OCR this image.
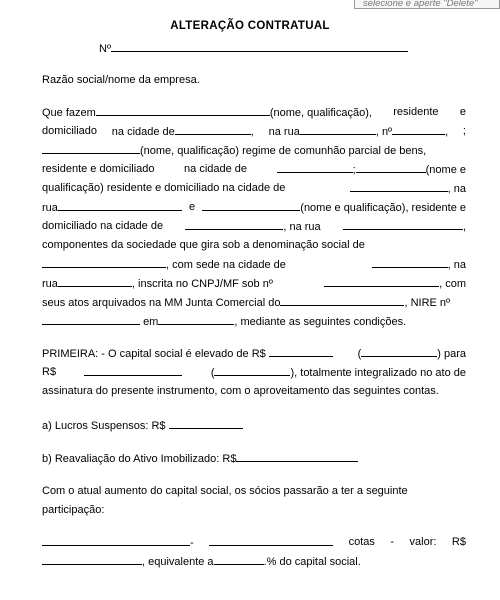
selecione e aperte "Delete"
ALTERAÇÃO CONTRATUAL
Nº
Razão social/nome da empresa.
Que fazem	(nome, qualificação), residente e
domiciliado na cidade de	, na rua	, nº	, ;
(nome, qualificação) regime de comunhão parcial de bens,
residente e domiciliado	na cidade de	;	(nome e
qualificação) residente e domiciliado na cidade de	, na
rua	e	(nome e qualificação), residente e
domiciliado na cidade de	, na rua	,
componentes da sociedade que gira sob a denominação social de
, com sede na cidade de	, na
rua	, inscrita no CNPJ/MF sob nº	, com
seus atos arquivados na MM Junta Comercial do	, NIRE nº
em	, mediante as seguintes condições.
PRIMEIRA: - O capital social é elevado de R$	(	) para
R$	(	), totalmente integralizado no ato de
assinatura do presente instrumento, com o aproveitamento das seguintes contas.
a) Lucros Suspensos: R$
b) Reavaliação do Ativo Imobilizado: R$
Com o atual aumento do capital social, os sócios passarão a ter a seguinte
participação:
-	cotas - valor: R$
, equivalente a	.% do capital social.
